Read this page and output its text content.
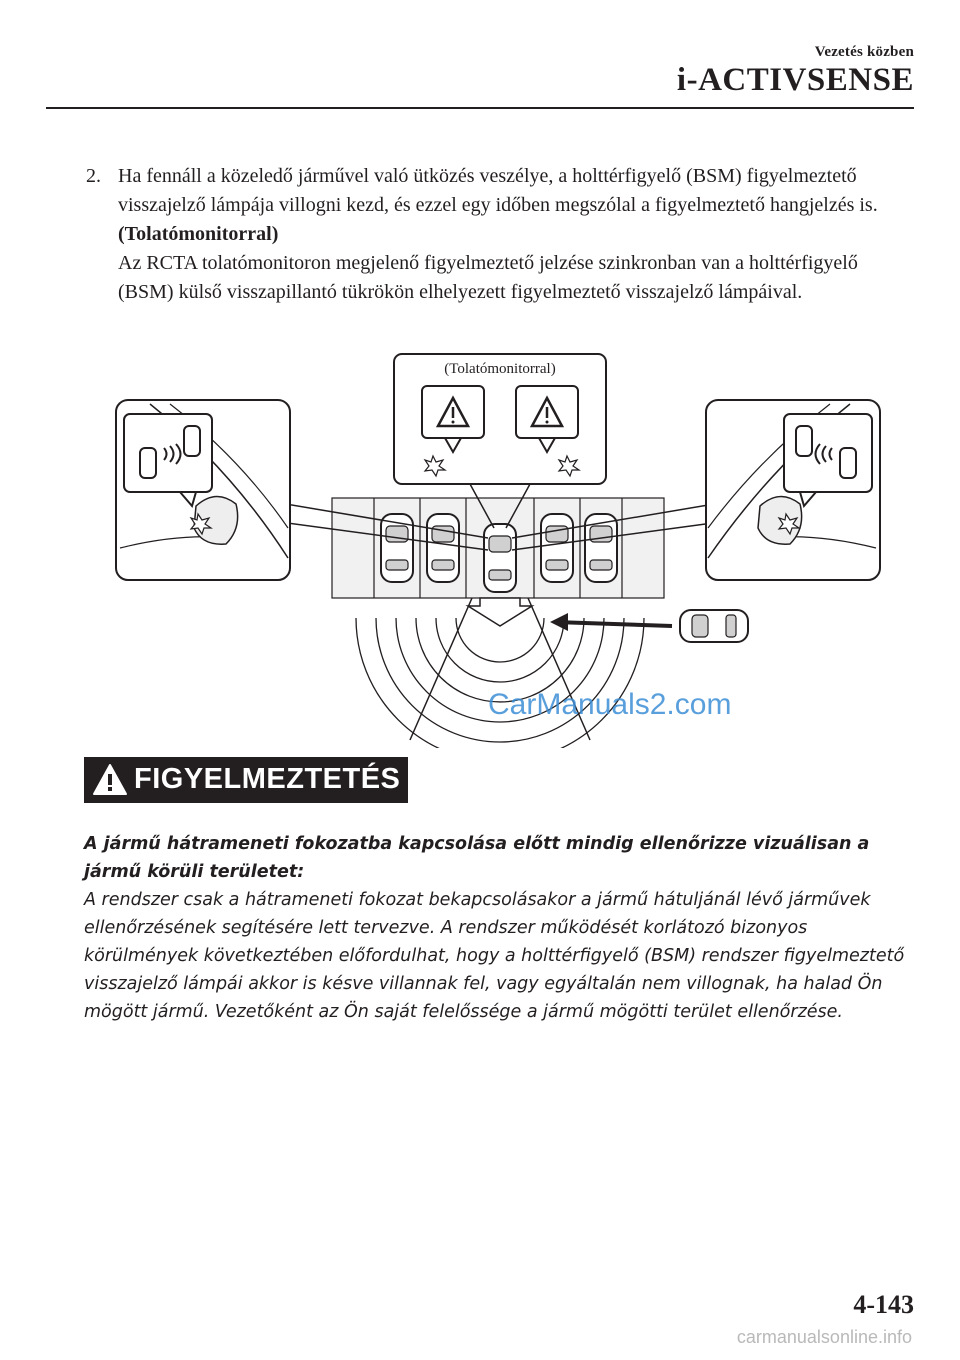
Vezetés közben
i-ACTIVSENSE
2. Ha fennáll a közeledő járművel való ütközés veszélye, a holttérfigyelő (BSM) figyelmeztető visszajelző lámpája villogni kezd, és ezzel egy időben megszólal a figyelmeztető hangjelzés is.
(Tolatómonitorral)
Az RCTA tolatómonitoron megjelenő figyelmeztető jelzése szinkronban van a holttérfigyelő (BSM) külső visszapillantó tükrökön elhelyezett figyelmeztető visszajelző lámpáival.
(Tolatómonitorral)
CarManuals2.com
FIGYELMEZTETÉS
A jármű hátrameneti fokozatba kapcsolása előtt mindig ellenőrizze vizuálisan a jármű körüli területet:
A rendszer csak a hátrameneti fokozat bekapcsolásakor a jármű hátuljánál lévő járművek ellenőrzésének segítésére lett tervezve. A rendszer működését korlátozó bizonyos körülmények következtében előfordulhat, hogy a holttérfigyelő (BSM) rendszer figyelmeztető visszajelző lámpái akkor is késve villannak fel, vagy egyáltalán nem villognak, ha halad Ön mögött jármű. Vezetőként az Ön saját felelőssége a jármű mögötti terület ellenőrzése.
4-143
carmanualsonline.info
